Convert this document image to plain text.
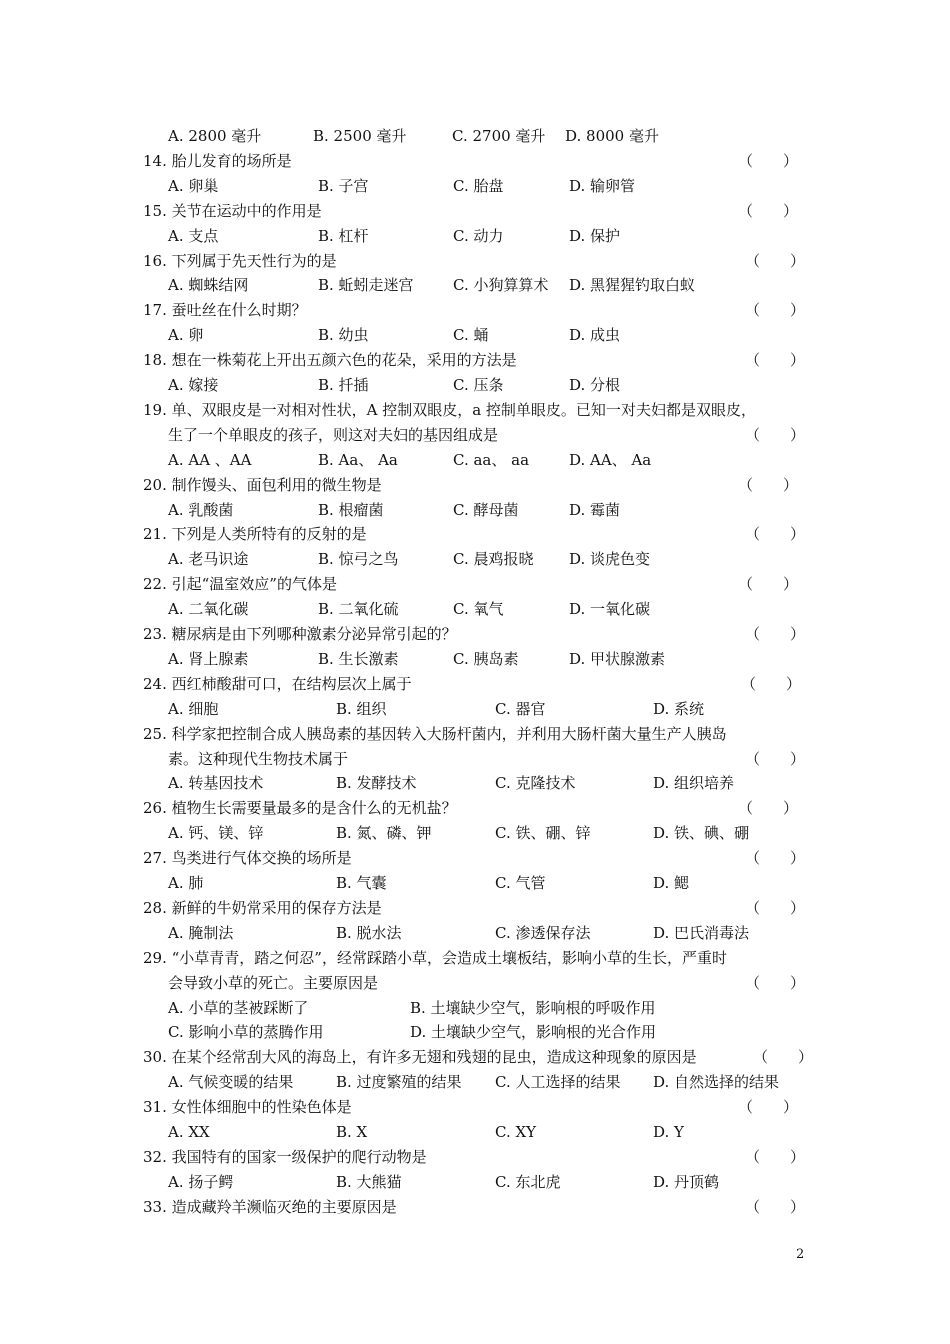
A. 2800 毫升	B. 2500 毫升	C. 2700 毫升 D. 8000 毫升
14. 胎儿发育的场所是	（　　）
A. 卵巢	B. 子宫	C. 胎盘	D. 输卵管
15. 关节在运动中的作用是	（　　）
A. 支点	B. 杠杆	C. 动力	D. 保护
16. 下列属于先天性行为的是	（　　）
A. 蜘蛛结网	B. 蚯蚓走迷宫	C. 小狗算算术 D. 黑猩猩钓取白蚁
17. 蚕吐丝在什么时期？	（　　）
A. 卵	B. 幼虫	C. 蛹	D. 成虫
18. 想在一株菊花上开出五颜六色的花朵，采用的方法是	（　　）
A. 嫁接	B. 扦插	C. 压条	D. 分根
19. 单、双眼皮是一对相对性状，A 控制双眼皮，a 控制单眼皮。已知一对夫妇都是双眼皮，
生了一个单眼皮的孩子，则这对夫妇的基因组成是	（　　）
A. AA 、AA	B. Aa、 Aa	C. aa、 aa	D. AA、 Aa
20. 制作馒头、面包利用的微生物是	（　　）
A. 乳酸菌	B. 根瘤菌	C. 酵母菌	D. 霉菌
21. 下列是人类所特有的反射的是	（　　）
A. 老马识途	B. 惊弓之鸟	C. 晨鸡报晓 D. 谈虎色变
22. 引起“温室效应”的气体是	（　　）
A. 二氧化碳	B. 二氧化硫	C. 氧气	D. 一氧化碳
23. 糖尿病是由下列哪种激素分泌异常引起的？	（　　）
A. 肾上腺素	B. 生长激素	C. 胰岛素	D. 甲状腺激素
24. 西红柿酸甜可口，在结构层次上属于	（　　）
A. 细胞	B. 组织	C. 器官	D. 系统
25. 科学家把控制合成人胰岛素的基因转入大肠杆菌内，并利用大肠杆菌大量生产人胰岛
素。这种现代生物技术属于	（　　）
A. 转基因技术	B. 发酵技术	C. 克隆技术	D. 组织培养
26. 植物生长需要量最多的是含什么的无机盐？	（　　）
A. 钙、镁、锌	B. 氮、磷、钾	C. 铁、硼、锌	D. 铁、碘、硼
27. 鸟类进行气体交换的场所是	（　　）
A. 肺	B. 气囊	C. 气管	D. 鳃
28. 新鲜的牛奶常采用的保存方法是	（　　）
A. 腌制法	B. 脱水法	C. 渗透保存法	D. 巴氏消毒法
29. “小草青青，踏之何忍”，经常踩踏小草，会造成土壤板结，影响小草的生长，严重时
会导致小草的死亡。主要原因是	（　　）
A. 小草的茎被踩断了	B. 土壤缺少空气，影响根的呼吸作用
C. 影响小草的蒸腾作用	D. 土壤缺少空气，影响根的光合作用
30. 在某个经常刮大风的海岛上，有许多无翅和残翅的昆虫，造成这种现象的原因是	（　　）
A. 气候变暖的结果	B. 过度繁殖的结果 C. 人工选择的结果 D. 自然选择的结果
31. 女性体细胞中的性染色体是	（　　）
A. XX	B. X	C. XY	D. Y
32. 我国特有的国家一级保护的爬行动物是	（　　）
A. 扬子鳄	B. 大熊猫	C. 东北虎	D. 丹顶鹤
33. 造成藏羚羊濒临灭绝的主要原因是	（　　）
2
